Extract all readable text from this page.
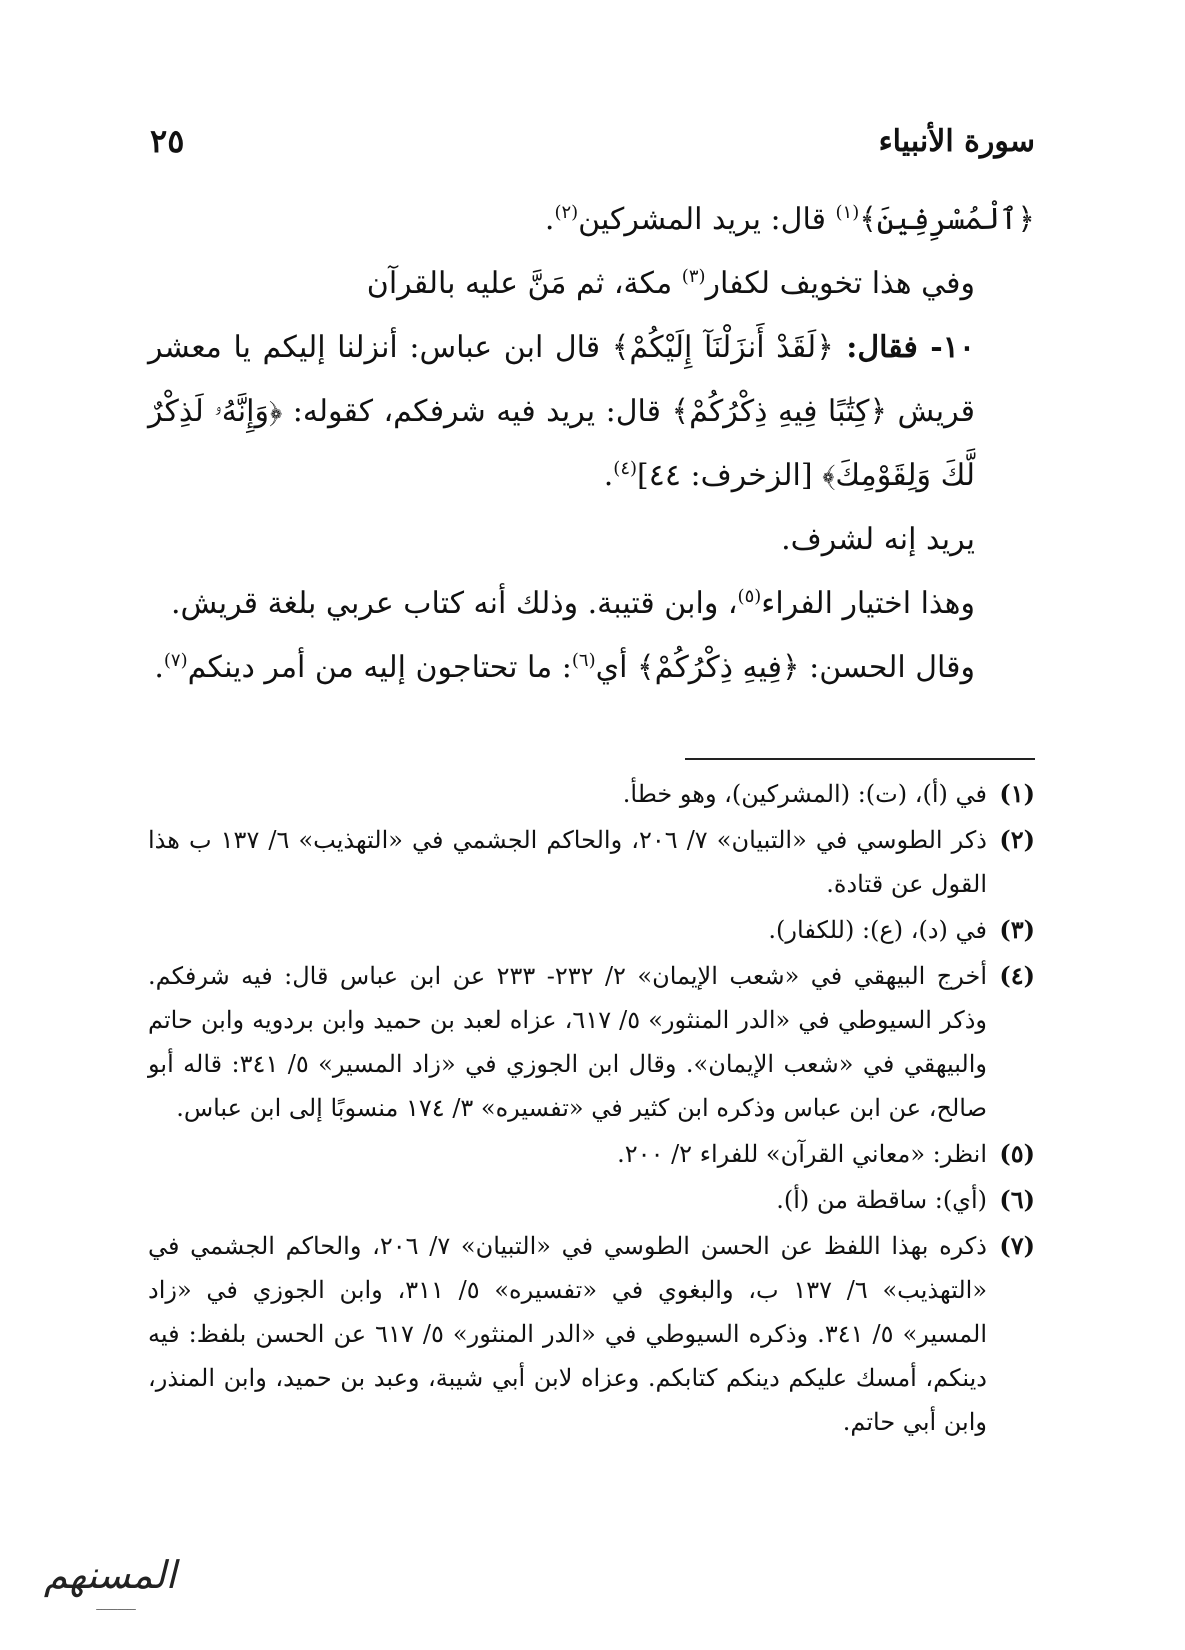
سورة الأنبياء
٢٥

﴿ ٱلْمُسْرِفِينَ ﴾$^{(١)}$ قال: يريد المشركين$^{(٢)}$.

وفي هذا تخويف لكفار$^{(٣)}$ مكة، ثم مَنَّ عليه بالقرآن

١٠- فقال: ﴿ لَقَدْ أَنزَلْنَآ إِلَيْكُمْ ﴾ قال ابن عباس: أنزلنا إليكم يا معشر قريش ﴿ كِتَٰبًا فِيهِ ذِكْرُكُمْ ﴾ قال: يريد فيه شرفكم، كقوله: ﴿ وَإِنَّهُۥ لَذِكْرٌ لَّكَ وَلِقَوْمِكَ ﴾ [الزخرف: ٤٤]$^{(٤)}$.

يريد إنه لشرف.

وهذا اختيار الفراء$^{(٥)}$، وابن قتيبة. وذلك أنه كتاب عربي بلغة قريش.

وقال الحسن: ﴿ فِيهِ ذِكْرُكُمْ ﴾ أي$^{(٦)}$: ما تحتاجون إليه من أمر دينكم$^{(٧)}$.

(١)
في (أ)، (ت): (المشركين)، وهو خطأ.
(٢)
ذكر الطوسي في «التبيان» ٧/ ٢٠٦، والحاكم الجشمي في «التهذيب» ٦/ ١٣٧ ب هذا القول عن قتادة.
(٣)
في (د)، (ع): (للكفار).
(٤)
أخرج البيهقي في «شعب الإيمان» ٢/ ٢٣٢- ٢٣٣ عن ابن عباس قال: فيه شرفكم. وذكر السيوطي في «الدر المنثور» ٥/ ٦١٧، عزاه لعبد بن حميد وابن بردويه وابن حاتم والبيهقي في «شعب الإيمان». وقال ابن الجوزي في «زاد المسير» ٥/ ٣٤١: قاله أبو صالح، عن ابن عباس وذكره ابن كثير في «تفسيره» ٣/ ١٧٤ منسوبًا إلى ابن عباس.
(٥)
انظر: «معاني القرآن» للفراء ٢/ ٢٠٠.
(٦)
(أي): ساقطة من (أ).
(٧)
ذكره بهذا اللفظ عن الحسن الطوسي في «التبيان» ٧/ ٢٠٦، والحاكم الجشمي في «التهذيب» ٦/ ١٣٧ ب، والبغوي في «تفسيره» ٥/ ٣١١، وابن الجوزي في «زاد المسير» ٥/ ٣٤١. وذكره السيوطي في «الدر المنثور» ٥/ ٦١٧ عن الحسن بلفظ: فيه دينكم، أمسك عليكم دينكم كتابكم. وعزاه لابن أبي شيبة، وعبد بن حميد، وابن المنذر، وابن أبي حاتم.
المسنهم
ـــــــــــــــ
